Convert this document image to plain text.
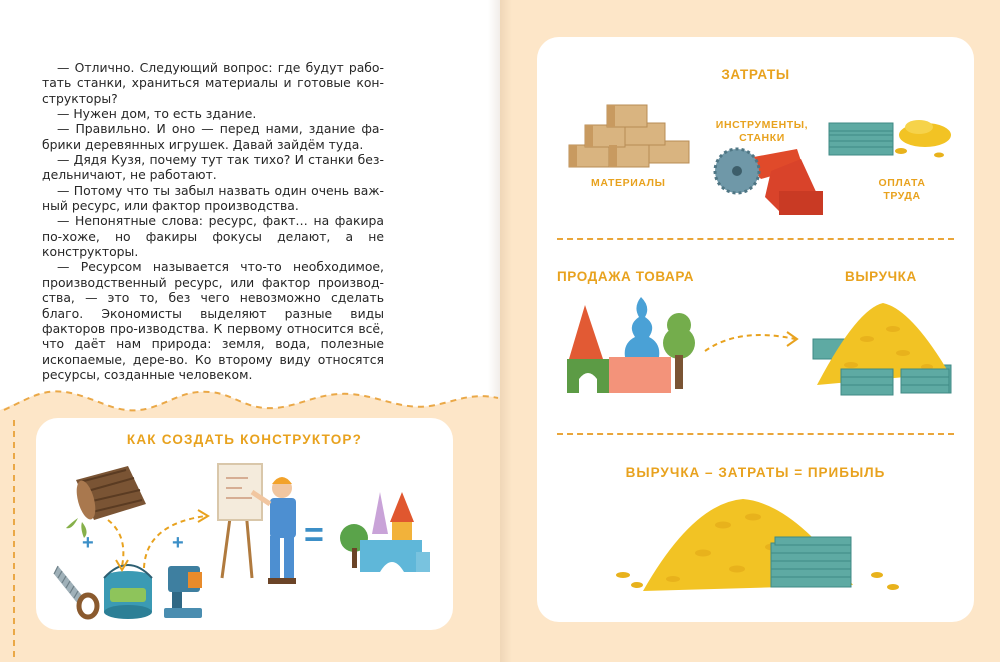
— Отлично. Следующий вопрос: где будут рабо-тать станки, храниться материалы и готовые кон-структоры?

— Нужен дом, то есть здание.

— Правильно. И оно — перед нами, здание фа-брики деревянных игрушек. Давай зайдём туда.

— Дядя Кузя, почему тут так тихо? И станки без-дельничают, не работают.

— Потому что ты забыл назвать один очень важ-ный ресурс, или фактор производства.

— Непонятные слова: ресурс, факт… на факира по-хоже, но факиры фокусы делают, а не конструкторы.

— Ресурсом называется что-то необходимое, производственный ресурс, или фактор производ-ства, — это то, без чего невозможно сделать благо. Экономисты выделяют разные виды факторов про-изводства. К первому относится всё, что даёт нам природа: земля, вода, полезные ископаемые, дере-во. Ко второму виду относятся ресурсы, созданные человеком.

КАК СОЗДАТЬ КОНСТРУКТОР?
+	+	=
ЗАТРАТЫ
МАТЕРИАЛЫ
ИНСТРУМЕНТЫ,
СТАНКИ
ОПЛАТА
ТРУДА
ПРОДАЖА ТОВАРА	ВЫРУЧКА
ВЫРУЧКА – ЗАТРАТЫ = ПРИБЫЛЬ
